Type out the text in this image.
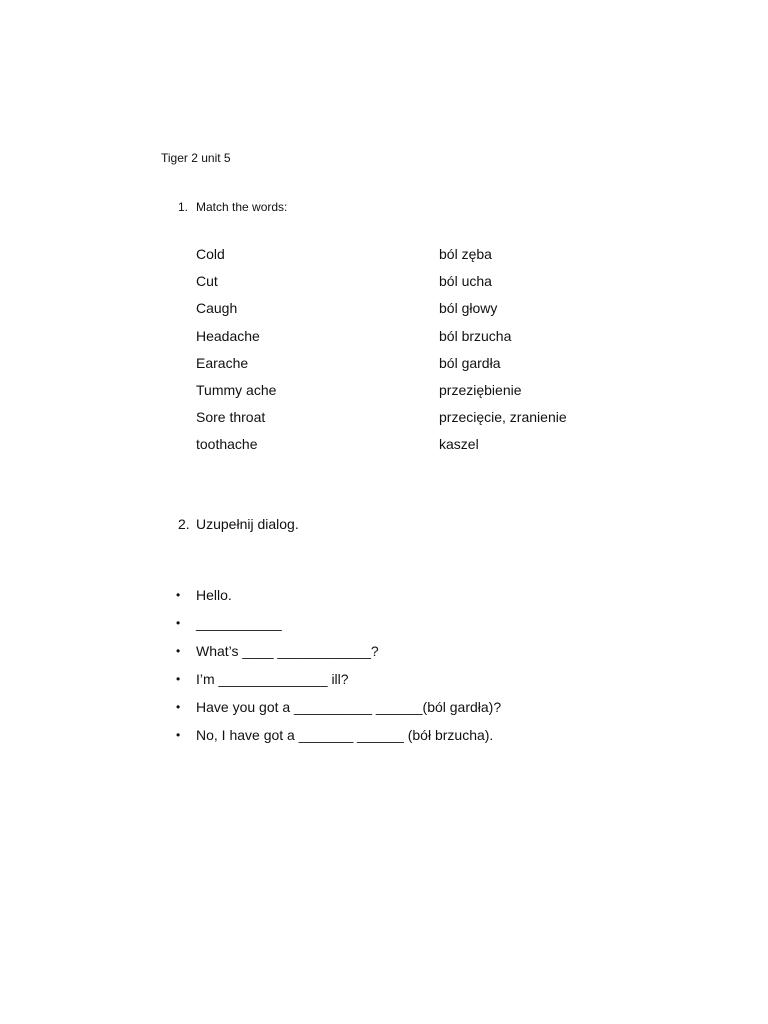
Tiger 2 unit 5
1. Match the words:
Cold
Cut
Caugh
Headache
Earache
Tummy ache
Sore throat
toothache
ból zęba
ból ucha
ból głowy
ból brzucha
ból gardła
przeziębienie
przecięcie, zranienie
kaszel
2. Uzupełnij dialog.
• Hello.
• ___________
• What’s ____ ____________?
• I’m ______________ ill?
• Have you got a __________ ______(ból gardła)?
• No, I have got a _______ ______ (bół brzucha).
